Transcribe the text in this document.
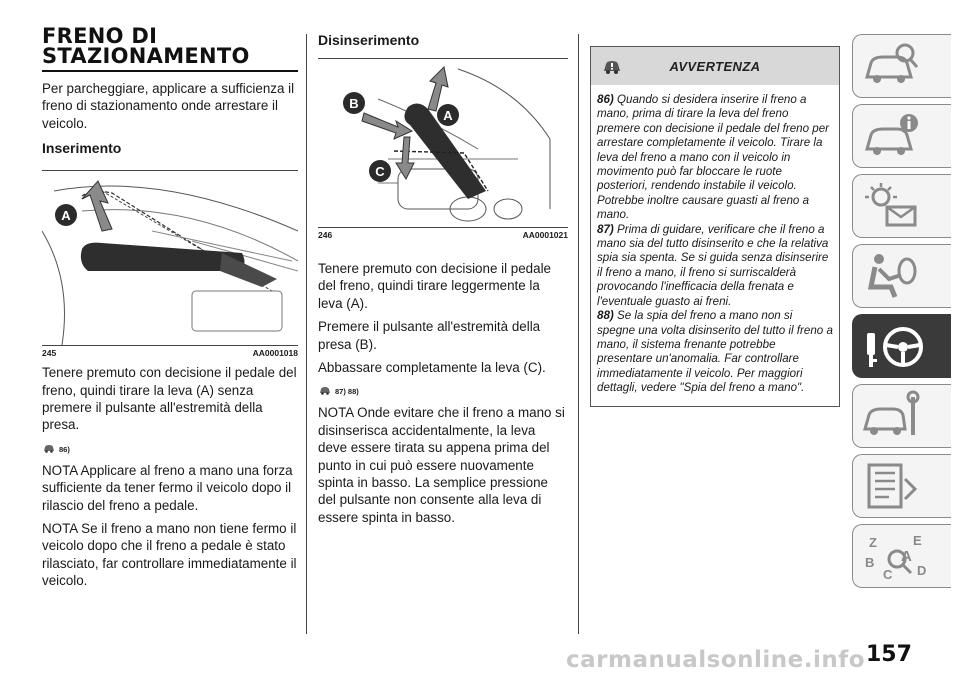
FRENO DI
STAZIONAMENTO

Per parcheggiare, applicare a sufficienza il freno di stazionamento onde arrestare il veicolo.

Inserimento
A
245	AA0001018

Tenere premuto con decisione il pedale del freno, quindi tirare la leva (A) senza premere il pulsante all'estremità della presa.

86)

NOTA Applicare al freno a mano una forza sufficiente da tener fermo il veicolo dopo il rilascio del freno a pedale.

NOTA Se il freno a mano non tiene fermo il veicolo dopo che il freno a pedale è stato rilasciato, far controllare immediatamente il veicolo.

Disinserimento
B
A
C
246	AA0001021

Tenere premuto con decisione il pedale del freno, quindi tirare leggermente la leva (A).

Premere il pulsante all'estremità della presa (B).

Abbassare completamente la leva (C).

87) 88)

NOTA Onde evitare che il freno a mano si disinserisca accidentalmente, la leva deve essere tirata su appena prima del punto in cui può essere nuovamente spinta in basso. La semplice pressione del pulsante non consente alla leva di essere spinta in basso.

AVVERTENZA
86) Quando si desidera inserire il freno a mano, prima di tirare la leva del freno premere con decisione il pedale del freno per arrestare completamente il veicolo. Tirare la leva del freno a mano con il veicolo in movimento può far bloccare le ruote posteriori, rendendo instabile il veicolo. Potrebbe inoltre causare guasti al freno a mano.
87) Prima di guidare, verificare che il freno a mano sia del tutto disinserito e che la relativa spia sia spenta. Se si guida senza disinserire il freno a mano, il freno si surriscalderà provocando l'inefficacia della frenata e l'eventuale guasto ai freni.
88) Se la spia del freno a mano non si spegne una volta disinserito del tutto il freno a mano, il sistema frenante potrebbe presentare un'anomalia. Far controllare immediatamente il veicolo. Per maggiori dettagli, vedere "Spia del freno a mano".
Z	E
A
B
C D
carmanualsonline.info 157
